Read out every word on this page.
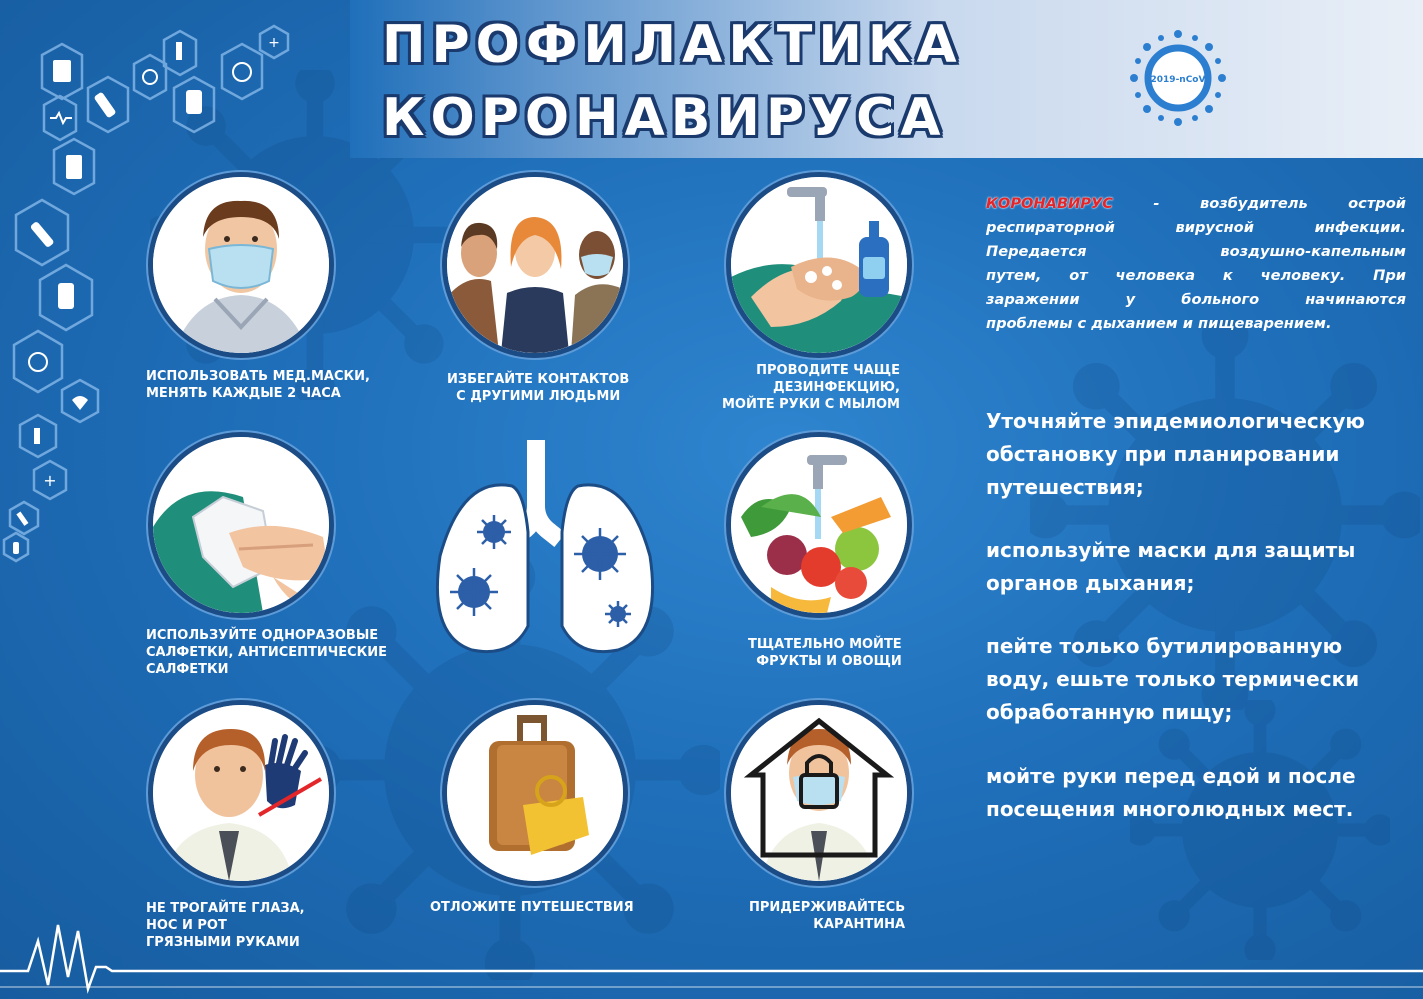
ПРОФИЛАКТИКА
КОРОНАВИРУСА
2019-nCoV
+
+
ИСПОЛЬЗОВАТЬ МЕД.МАСКИ,
МЕНЯТЬ КАЖДЫЕ 2 ЧАСА
ИЗБЕГАЙТЕ КОНТАКТОВ
С ДРУГИМИ ЛЮДЬМИ
ПРОВОДИТЕ ЧАЩЕ
ДЕЗИНФЕКЦИЮ,
МОЙТЕ РУКИ С МЫЛОМ
ИСПОЛЬЗУЙТЕ ОДНОРАЗОВЫЕ
САЛФЕТКИ, АНТИСЕПТИЧЕСКИЕ
САЛФЕТКИ
ТЩАТЕЛЬНО МОЙТЕ
ФРУКТЫ И ОВОЩИ
НЕ ТРОГАЙТЕ ГЛАЗА,
НОС И РОТ
ГРЯЗНЫМИ РУКАМИ
ОТЛОЖИТЕ ПУТЕШЕСТВИЯ	ПРИДЕРЖИВАЙТЕСЬ
КАРАНТИНА
КОРОНАВИРУС - возбудитель острой
респираторной вирусной инфекции.
Передается воздушно-капельным
путем, от человека к человеку. При
заражении у больного начинаются
проблемы с дыханием и пищеварением.
Уточняйте эпидемиологическую
обстановку при планировании
путешествия;
используйте маски для защиты
органов дыхания;
пейте только бутилированную
воду, ешьте только термически
обработанную пищу;
мойте руки перед едой и после
посещения многолюдных мест.
